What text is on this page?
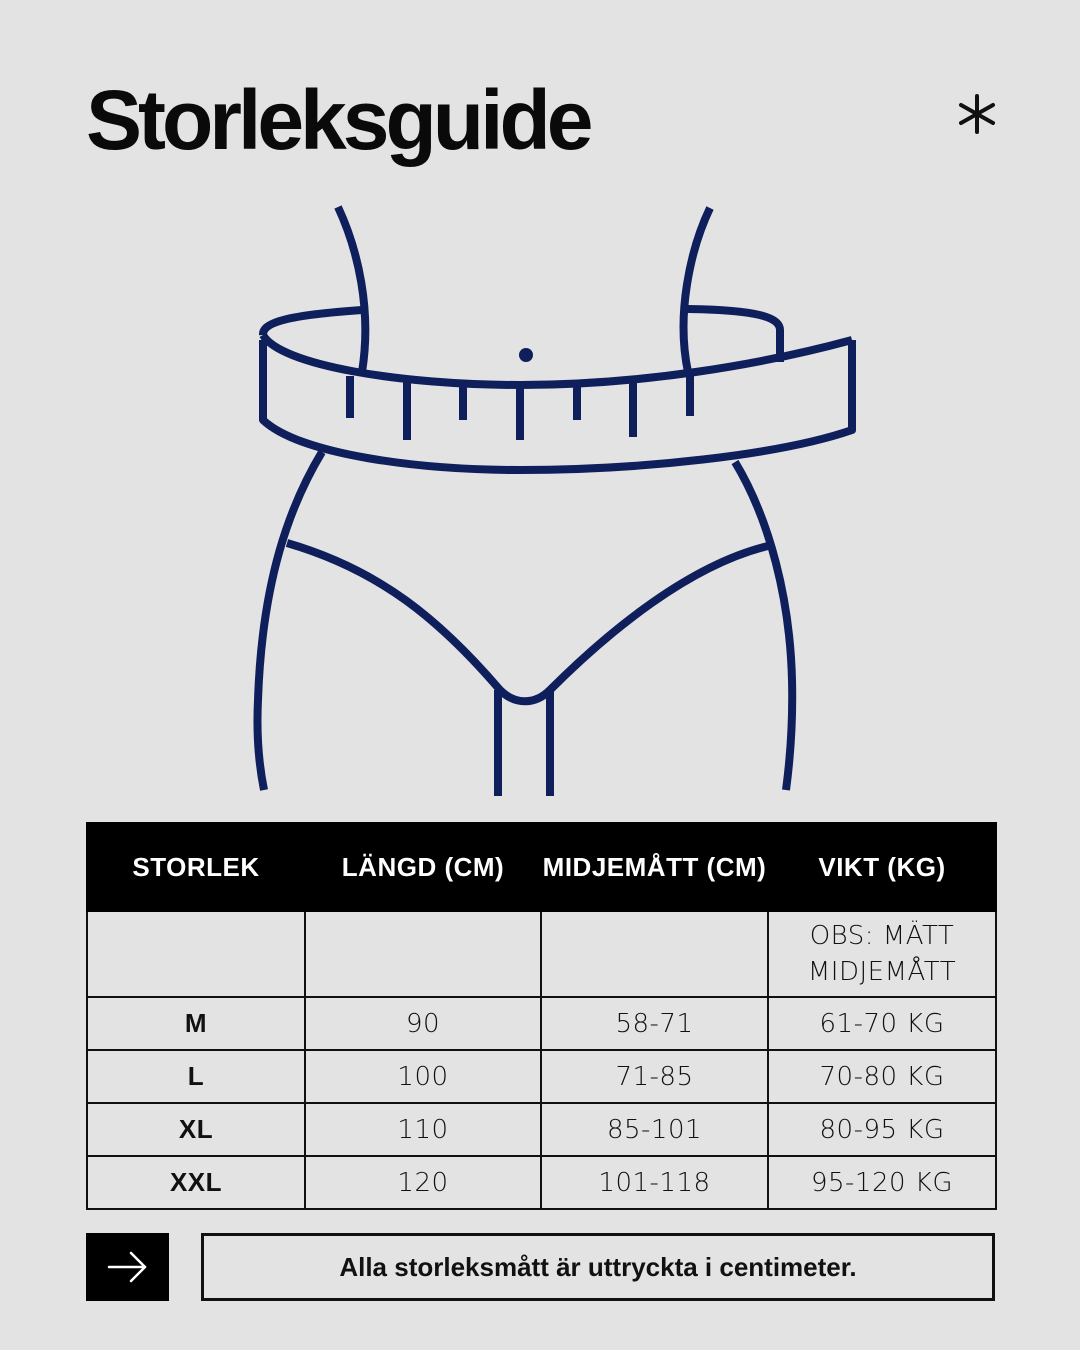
Storleksguide
STORLEK	LÄNGD (CM)	MIDJEMÅTT (CM)	VIKT (KG)
			OBS: MÄTT MIDJEMÅTT
M	90	58-71	61-70 KG
L	100	71-85	70-80 KG
XL	110	85-101	80-95 KG
XXL	120	101-118	95-120 KG
Alla storleksmått är uttryckta i centimeter.
